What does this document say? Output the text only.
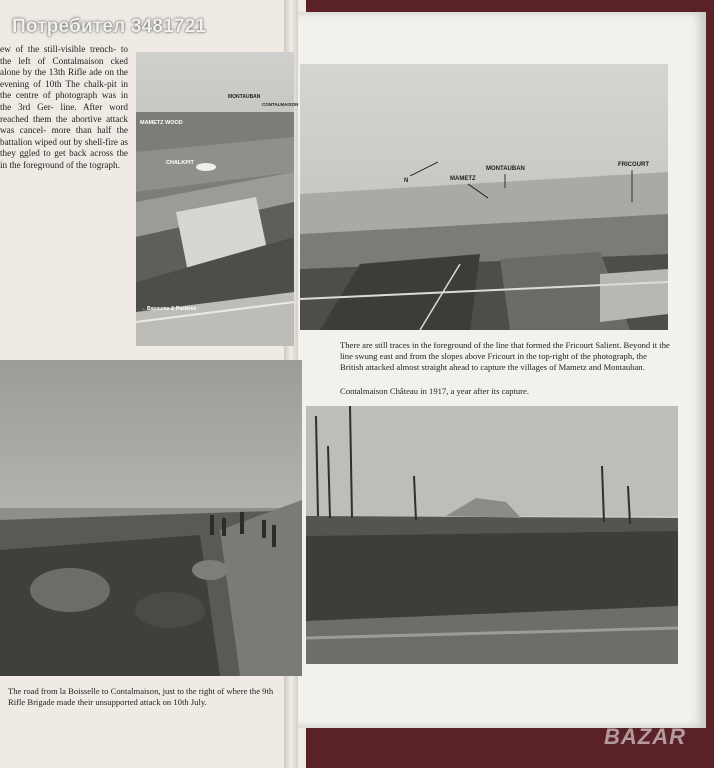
ew of the still-visible trench- to the left of Contalmaison cked alone by the 13th Rifle ade on the evening of 10th The chalk-pit in the centre of photograph was in the 3rd Ger- line. After word reached them the abortive attack was cancel- more than half the battalion wiped out by shell-fire as they ggled to get back across the in the foreground of the tograph.
MAMETZ WOOD
MONTAUBAN
CONTALMAISON
CHALKPIT
←Bapaume & Pozières
The road from la Boisselle to Contalmaison, just to the right of where the 9th Rifle Brigade made their unsupported attack on 10th July.
N	MAMETZ
MONTAUBAN
FRICOURT
There are still traces in the foreground of the line that formed the Fricourt Salient. Beyond it the line swung east and from the slopes above Fricourt in the top-right of the photograph, the British attacked almost straight ahead to capture the villages of Mametz and Montauban.
Contalmaison Château in 1917, a year after its capture.
Потребител 3481721
BAZAR
